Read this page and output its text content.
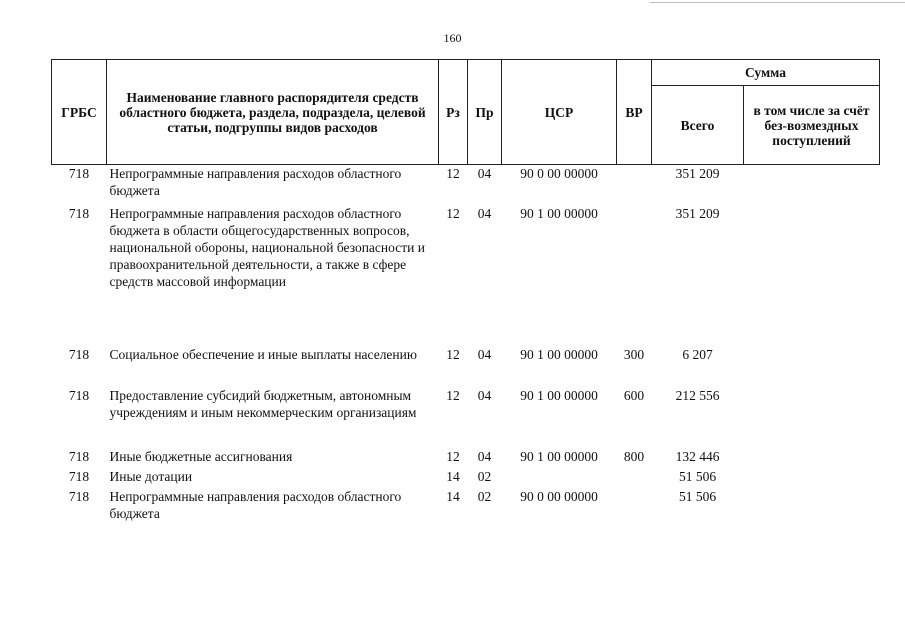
160
ГРБС	Наименование главного распорядителя средств областного бюджета, раздела, подраздела, целевой статьи, подгруппы видов расходов	Рз	Пр	ЦСР	ВР	Сумма	
						Всего	в том числе за счёт без-возмездных поступлений
718	Непрограммные направления расходов областного бюджета	12	04	90 0 00 00000		351 209	
718	Непрограммные направления расходов областного бюджета в области общегосударственных вопросов, национальной обороны, национальной безопасности и правоохранительной деятельности, а также в сфере средств массовой информации	12	04	90 1 00 00000		351 209	
718	Социальное обеспечение и иные выплаты населению	12	04	90 1 00 00000	300	6 207	
718	Предоставление субсидий бюджетным, автономным учреждениям и иным некоммерческим организациям	12	04	90 1 00 00000	600	212 556	
718	Иные бюджетные ассигнования	12	04	90 1 00 00000	800	132 446	
718	Иные дотации	14	02			51 506	
718	Непрограммные направления расходов областного бюджета	14	02	90 0 00 00000		51 506	
